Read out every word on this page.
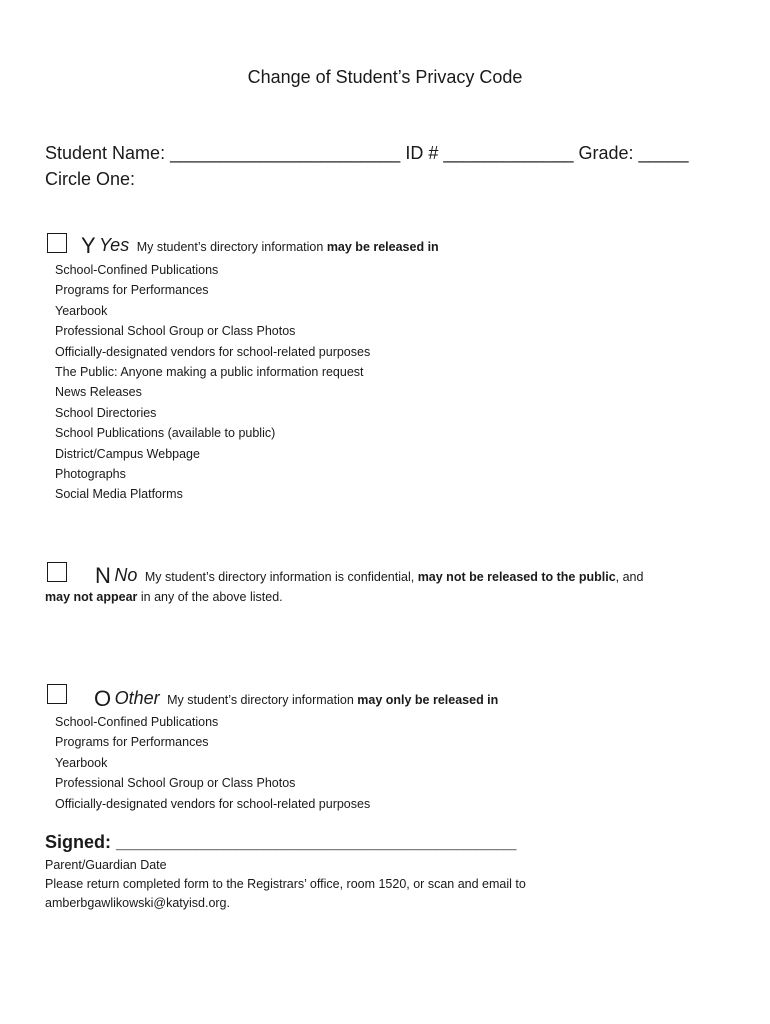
Change of Student’s Privacy Code
Student Name: _______________________ ID # _____________ Grade: _____
Circle One:
Y Yes My student’s directory information may be released in
School-Confined Publications
Programs for Performances
Yearbook
Professional School Group or Class Photos
Officially-designated vendors for school-related purposes
The Public: Anyone making a public information request
News Releases
School Directories
School Publications (available to public)
District/Campus Webpage
Photographs
Social Media Platforms
N No My student’s directory information is confidential, may not be released to the public, and
may not appear in any of the above listed.
O Other My student’s directory information may only be released in
School-Confined Publications
Programs for Performances
Yearbook
Professional School Group or Class Photos
Officially-designated vendors for school-related purposes
Signed: ________________________________________
Parent/Guardian Date
Please return completed form to the Registrars’ office, room 1520, or scan and email to
amberbgawlikowski@katyisd.org.
